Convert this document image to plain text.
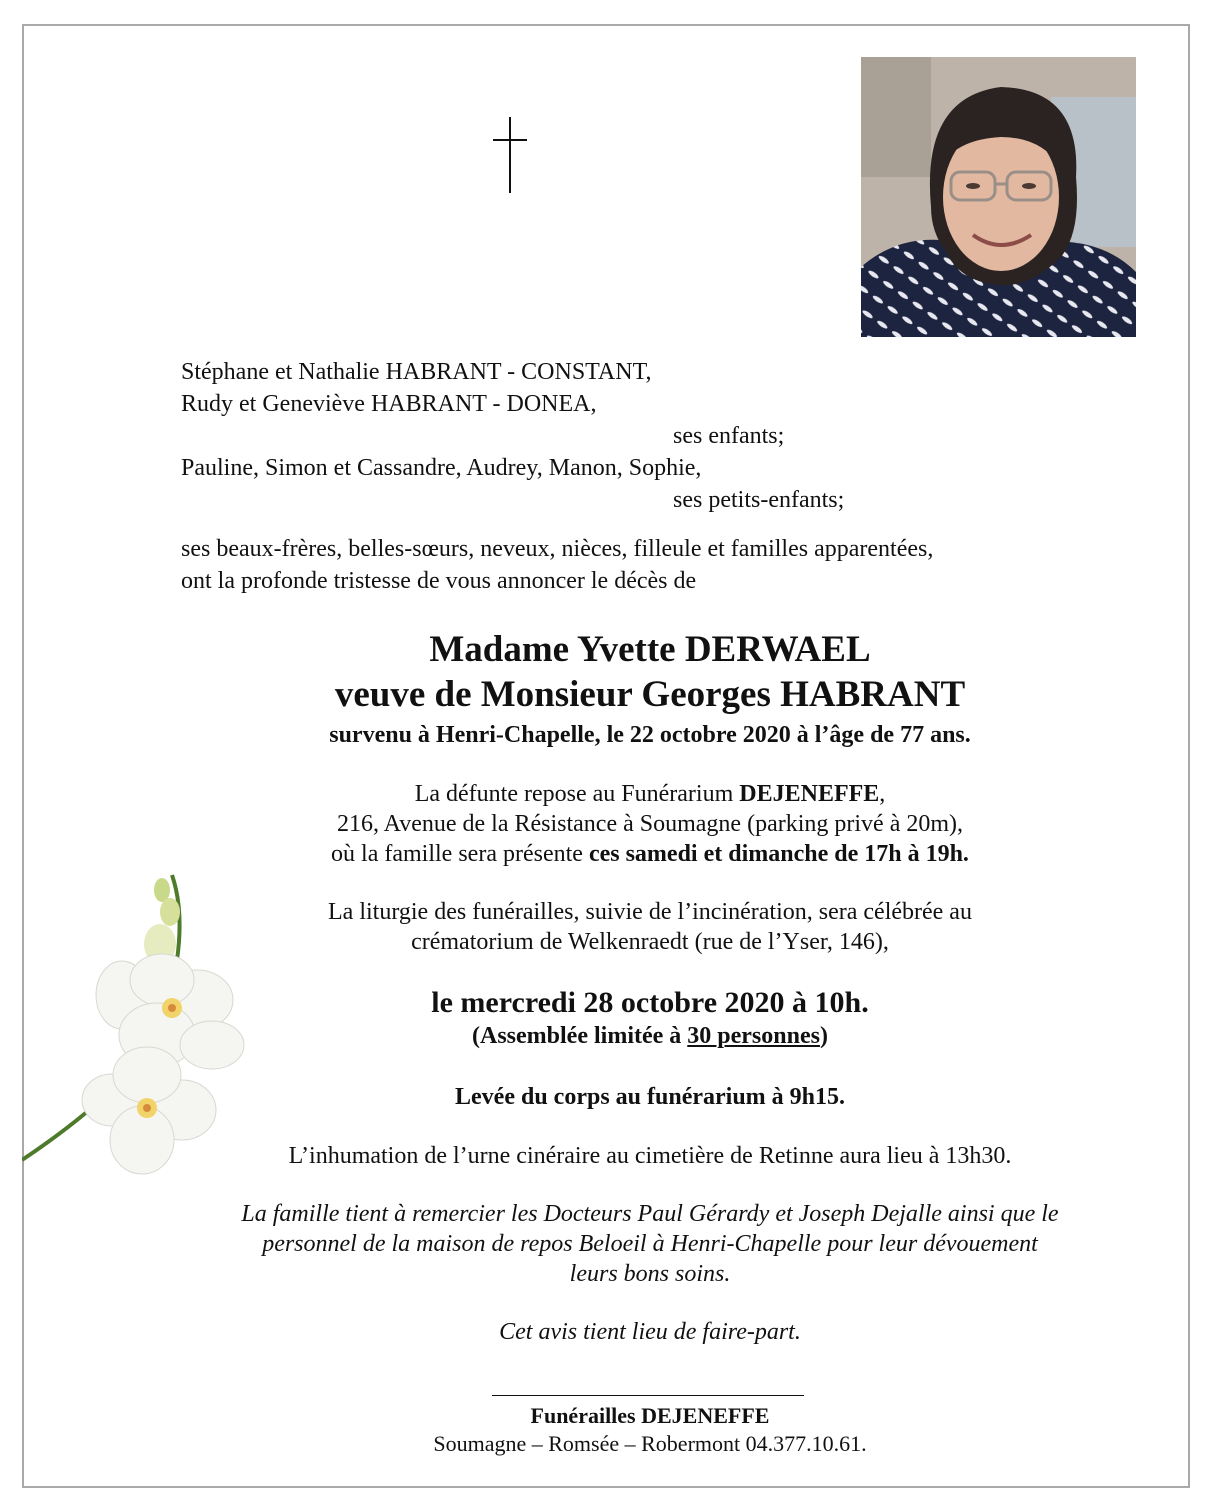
Stéphane et Nathalie HABRANT - CONSTANT,
Rudy et Geneviève HABRANT - DONEA,
ses enfants;
Pauline, Simon et Cassandre, Audrey, Manon, Sophie,
ses petits-enfants;
ses beaux-frères, belles-sœurs, neveux, nièces, filleule et familles apparentées,
ont la profonde tristesse de vous annoncer le décès de
Madame Yvette DERWAEL
veuve de Monsieur Georges HABRANT
survenu à Henri-Chapelle, le 22 octobre 2020 à l’âge de 77 ans.
La défunte repose au Funérarium DEJENEFFE,
216, Avenue de la Résistance à Soumagne (parking privé à 20m),
où la famille sera présente ces samedi et dimanche de 17h à 19h.
La liturgie des funérailles, suivie de l’incinération, sera célébrée au
crématorium de Welkenraedt (rue de l’Yser, 146),
le mercredi 28 octobre 2020 à 10h.
(Assemblée limitée à 30 personnes)
Levée du corps au funérarium à 9h15.
L’inhumation de l’urne cinéraire au cimetière de Retinne aura lieu à 13h30.
La famille tient à remercier les Docteurs Paul Gérardy et Joseph Dejalle ainsi que le
personnel de la maison de repos Beloeil à Henri-Chapelle pour leur dévouement
leurs bons soins.
Cet avis tient lieu de faire-part.
Funérailles DEJENEFFE
Soumagne – Romsée – Robermont 04.377.10.61.
